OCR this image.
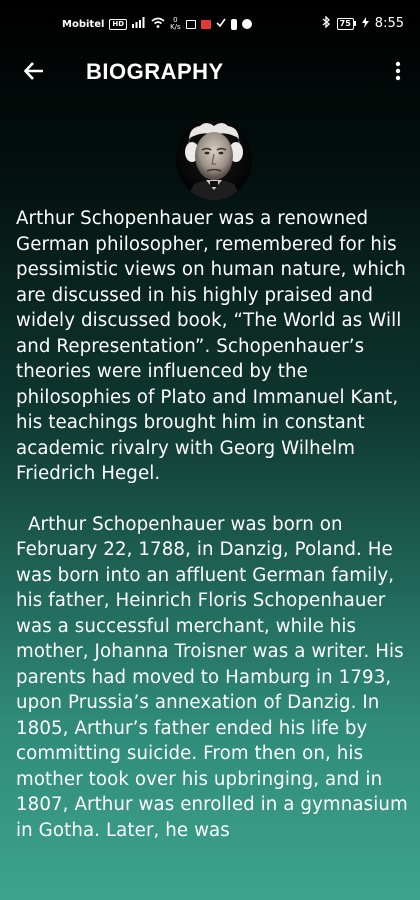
Mobitel	HD	0
K/s	75 8:55
BIOGRAPHY

Arthur Schopenhauer was a renowned German philosopher, remembered for his pessimistic views on human nature, which are discussed in his highly praised and widely discussed book, “The World as Will and Representation”. Schopenhauer’s theories were influenced by the philosophies of Plato and Immanuel Kant, his teachings brought him in constant academic rivalry with Georg Wilhelm Friedrich Hegel.

Arthur Schopenhauer was born on February 22, 1788, in Danzig, Poland. He was born into an affluent German family, his father, Heinrich Floris Schopenhauer was a successful merchant, while his mother, Johanna Troisner was a writer. His parents had moved to Hamburg in 1793, upon Prussia’s annexation of Danzig. In 1805, Arthur’s father ended his life by committing suicide. From then on, his mother took over his upbringing, and in 1807, Arthur was enrolled in a gymnasium in Gotha. Later, he was
